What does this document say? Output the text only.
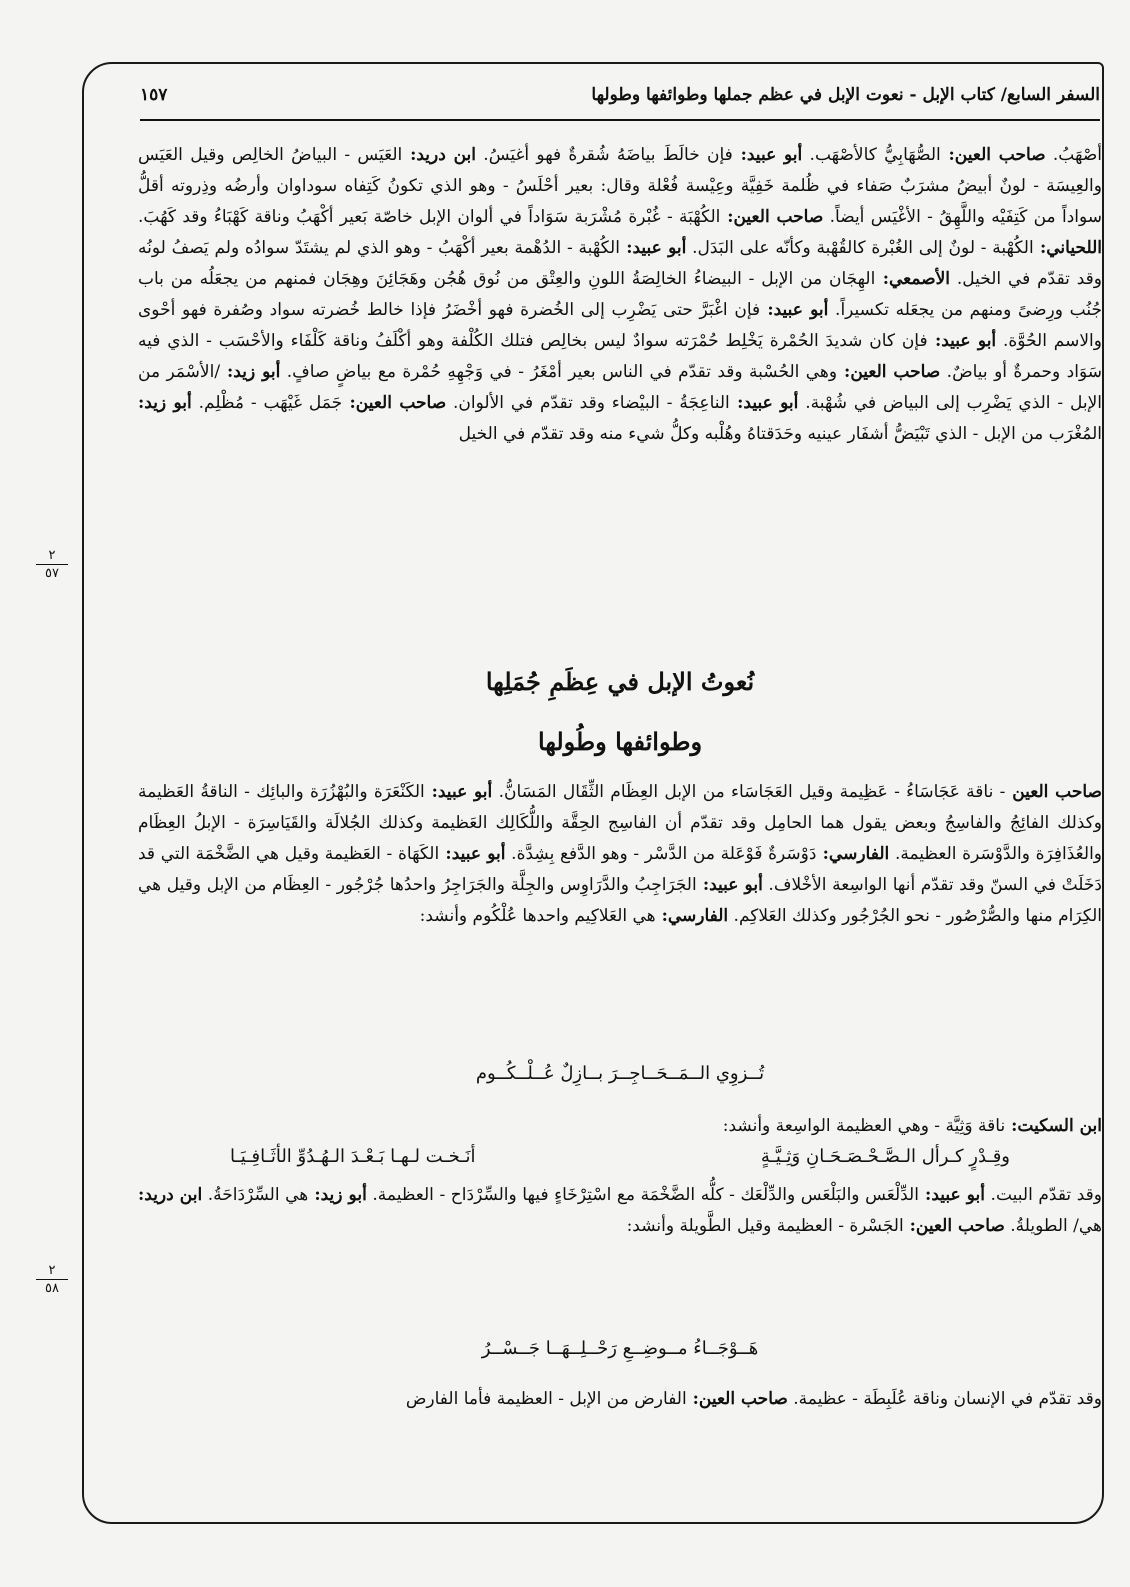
السفر السابع/ كتاب الإبل - نعوت الإبل في عظم جملها وطوائفها وطولها
١٥٧
أصْهَبُ. صاحب العين: الصُّهَابِيُّ كالأصْهَب. أبو عبيد: فإن خالَطَ بياضَهُ شُقرةٌ فهو أغيَسُ. ابن دريد: العَيَس - البياضُ الخالِص وقيل العَيَس والعِيسَة - لونٌ أبيضُ مشرَبٌ صَفاء في ظُلمة خَفِيَّة وعِيْسة فُعْلة وقال: بعير أحْلَسُ - وهو الذي تكونُ كَتِفاه سوداوان وأرضُه وذِروته أقلُّ سواداً من كَتِفَيْه واللَّهِقُ - الأغْيَس أيضاً. صاحب العين: الكُهْبَة - غُبْرة مُشْرَبة سَوَاداً في ألوان الإبل خاصّة بَعير أكْهَبُ وناقة كَهْبَاءُ وقد كَهُبَ. اللحياني: الكُهْبة - لونٌ إلى الغُبْرة كالقُهْبة وكأنّه على البَدَل. أبو عبيد: الكُهْبة - الدُهْمة بعير أكْهَبُ - وهو الذي لم يشتَدّ سوادُه ولم يَصفُ لونُه وقد تقدّم في الخيل. الأصمعي: الهِجَان من الإبل - البيضاءُ الخالِصَةُ اللونِ والعِتْق من نُوق هُجُن وهَجَائِنَ وهِجَان فمنهم من يجعَلُه من باب جُنُب ورِضىً ومنهم من يجعَله تكسيراً. أبو عبيد: فإن اغْبَرَّ حتى يَضْرِب إلى الخُضرة فهو أخْضَرُ فإذا خالط خُضرته سواد وصُفرة فهو أحْوى والاسم الحُوَّة. أبو عبيد: فإن كان شديدَ الحُمْرة يَخْلِط حُمْرَته سوادٌ ليس بخالِص فتلك الكُلْفة وهو أكْلَفُ وناقة كَلْفَاء والأحْسَب - الذي فيه سَوَاد وحمرةٌ أو بياضٌ. صاحب العين: وهي الحُسْبة وقد تقدّم في الناس بعير أمْغَرُ - في وَجْهِهِ حُمْرة مع بياضٍ صافٍ. أبو زيد: /الأسْمَر من الإبل - الذي يَضْرِب إلى البياض في شُهْبة. أبو عبيد: الناعِجَةُ - البيْضاء وقد تقدّم في الألوان. صاحب العين: جَمَل غَيْهَب - مُظْلِم. أبو زيد: المُغْرَب من الإبل - الذي تَبْيَضُّ أشفَار عينيه وحَدَقتاهُ وهُلْبه وكلُّ شيء منه وقد تقدّم في الخيل
نُعوتُ الإبل في عِظَمِ جُمَلِها
وطوائفها وطُولها
صاحب العين - ناقة عَجَاسَاءُ - عَظِيمة وقيل العَجَاسَاء من الإبل العِظَام الثِّقَال المَسَانُّ. أبو عبيد: الكَنْعَرَة والبُهْزُرَة والبائِك - الناقةُ العَظيمة وكذلك الفائِجُ والفاسِجُ وبعض يقول هما الحامِل وقد تقدّم أن الفاسِج الحِقَّة واللُّكَالِك العَظيمة وكذلك الجُلالَة والقَيَاسِرَة - الإبلُ العِظَام والعُذَافِرَة والدَّوْسَرة العظيمة. الفارسي: دَوْسَرةٌ فَوْعَلة من الدَّسْر - وهو الدَّفع بِشِدَّة. أبو عبيد: الكَهَاة - العَظيمة وقيل هي الضَّخْمَة التي قد دَخَلَتْ في السنّ وقد تقدّم أنها الواسِعة الأخْلاف. أبو عبيد: الجَرَاجِبُ والدَّرَاوِس والجِلَّة والجَرَاجِرُ واحدُها جُرْجُور - العِظَام من الإبل وقيل هي الكِرَام منها والصُّرْصُور - نحو الجُرْجُور وكذلك العَلاكِم. الفارسي: هي العَلاكِيم واحدها عُلْكُوم وأنشد:
تُــزوِي الــمَــحَــاجِــرَ بــازِلٌ عُــلْــكُــوم
ابن السكيت: ناقة وَثِيَّة - وهي العظيمة الواسِعة وأنشد:
وقِـدْرٍ كـرأل الـصَّـحْـصَـحَـانِ وَثِـيَّـةٍ
أنَـخـت لـهـا بَـعْـدَ الـهُـدُوِّ الأثَـافِـيَـا
وقد تقدّم البيت. أبو عبيد: الدِّلْعَس والبَلْعَس والدِّلْعَك - كلُّه الضَّخْمَة مع اسْتِرْخَاءٍ فيها والسِّرْدَاح - العظيمة. أبو زيد: هي السِّرْدَاحَةُ. ابن دريد: هي/ الطويلةُ. صاحب العين: الجَسْرة - العظيمة وقيل الطَّويلة وأنشد:
هَــوْجَــاءُ مــوضِــعِ رَحْــلِــهَــا جَــسْــرُ
وقد تقدّم في الإنسان وناقة عُلَبِطَة - عظيمة. صاحب العين: الفارض من الإبل - العظيمة فأما الفارض
٢
٥٧
٢
٥٨
